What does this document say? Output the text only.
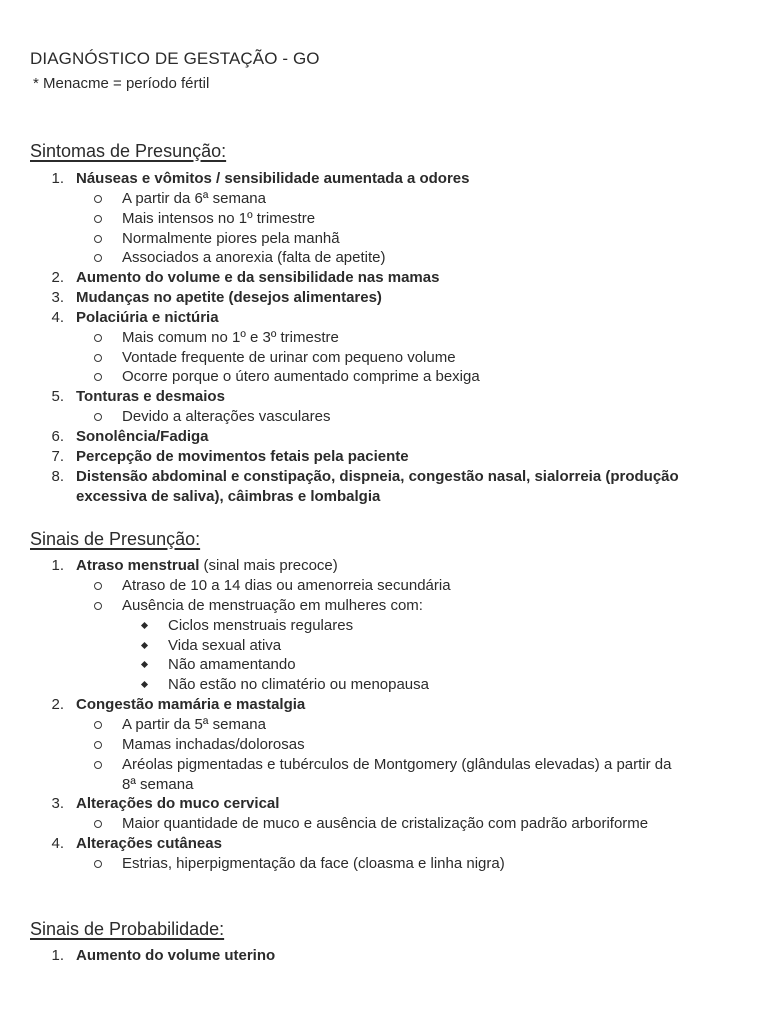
DIAGNÓSTICO DE GESTAÇÃO - GO
* Menacme = período fértil
Sintomas de Presunção:
1. Náuseas e vômitos / sensibilidade aumentada a odores
A partir da 6ª semana
Mais intensos no 1º trimestre
Normalmente piores pela manhã
Associados a anorexia (falta de apetite)
2. Aumento do volume e da sensibilidade nas mamas
3. Mudanças no apetite (desejos alimentares)
4. Polaciúria e nictúria
Mais comum no 1º e 3º trimestre
Vontade frequente de urinar com pequeno volume
Ocorre porque o útero aumentado comprime a bexiga
5. Tonturas e desmaios
Devido a alterações vasculares
6. Sonolência/Fadiga
7. Percepção de movimentos fetais pela paciente
8. Distensão abdominal e constipação, dispneia, congestão nasal, sialorreia (produção
excessiva de saliva), câimbras e lombalgia
Sinais de Presunção:
1. Atraso menstrual (sinal mais precoce)
Atraso de 10 a 14 dias ou amenorreia secundária
Ausência de menstruação em mulheres com:
Ciclos menstruais regulares
Vida sexual ativa
Não amamentando
Não estão no climatério ou menopausa
2. Congestão mamária e mastalgia
A partir da 5ª semana
Mamas inchadas/dolorosas
Aréolas pigmentadas e tubérculos de Montgomery (glândulas elevadas) a partir da
8ª semana
3. Alterações do muco cervical
Maior quantidade de muco e ausência de cristalização com padrão arboriforme
4. Alterações cutâneas
Estrias, hiperpigmentação da face (cloasma e linha nigra)
Sinais de Probabilidade:
1. Aumento do volume uterino
